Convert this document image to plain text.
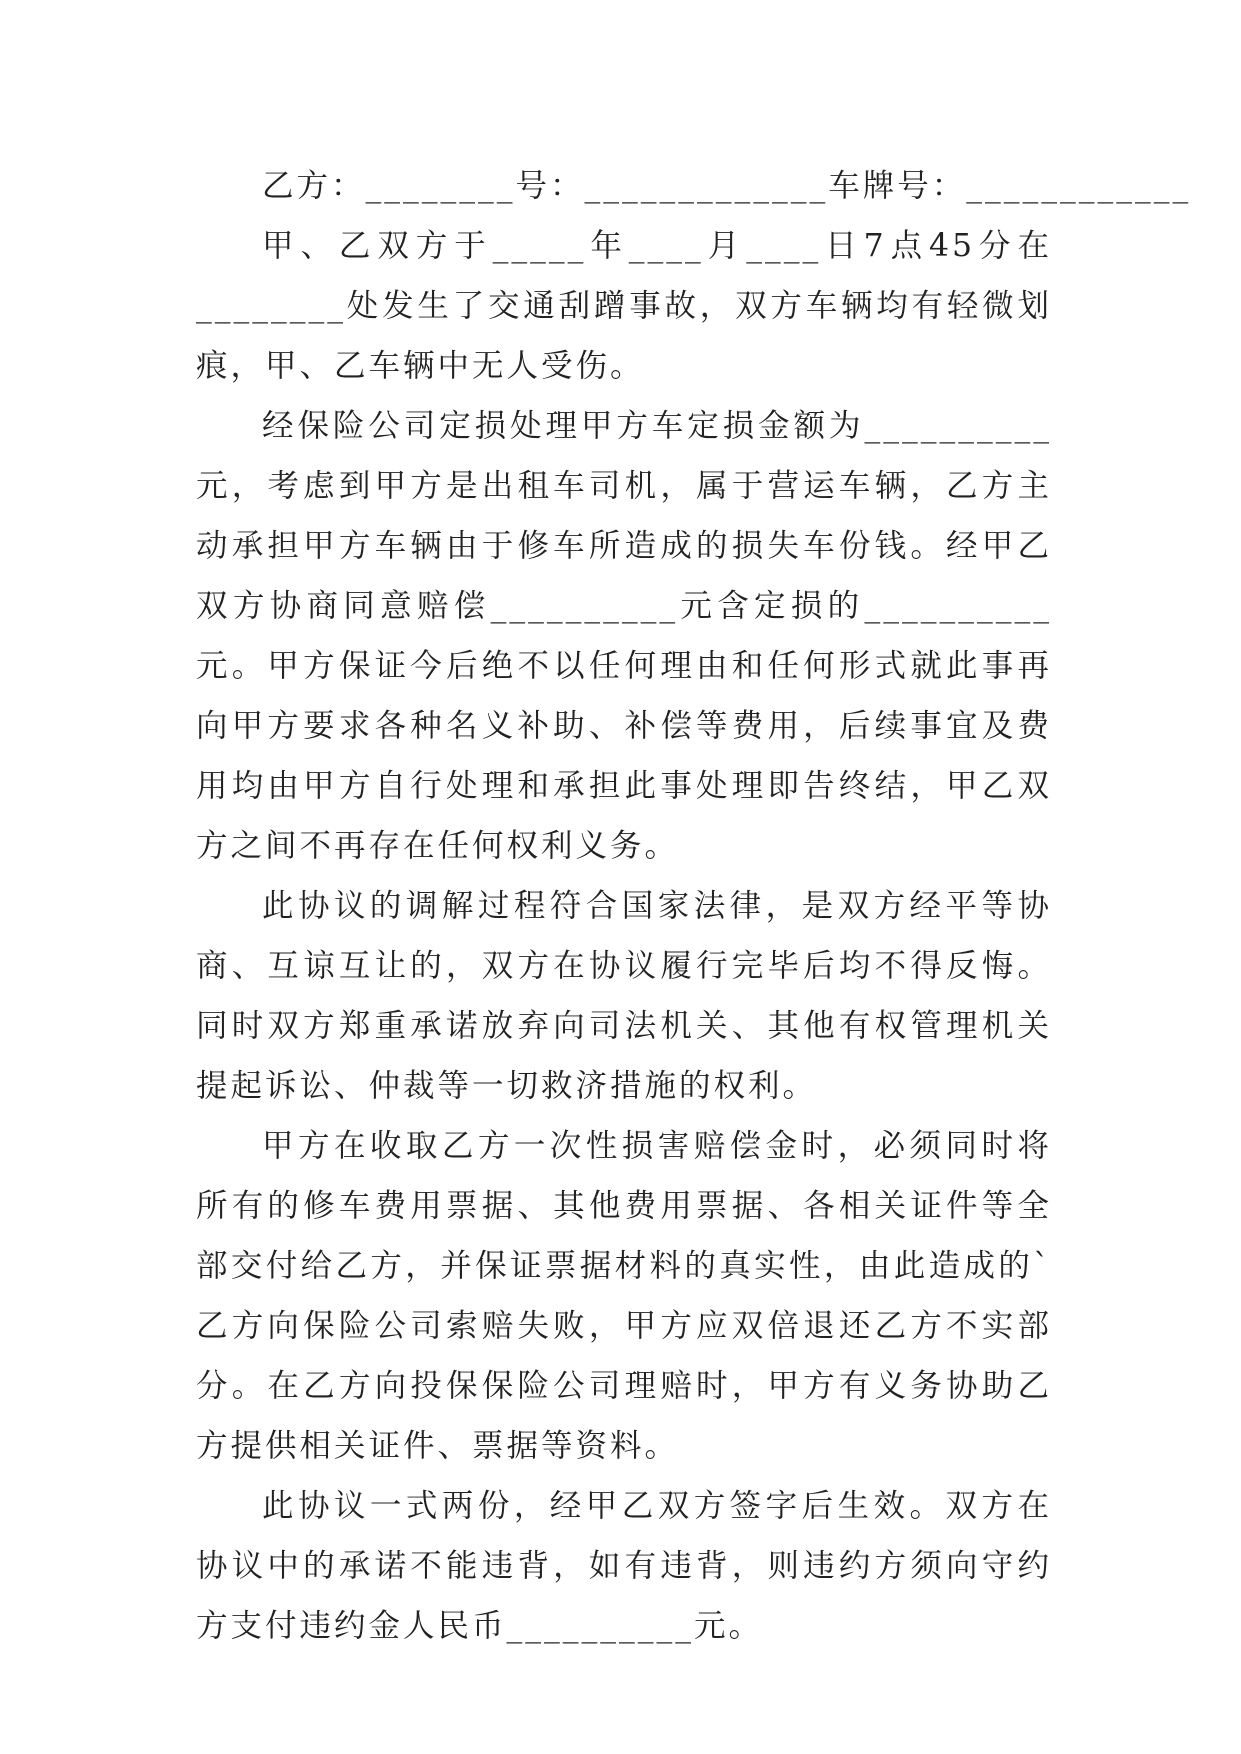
乙方：________号：_____________车牌号：____________

甲、乙双方于_____年____月____日7点45分在________处发生了交通刮蹭事故，双方车辆均有轻微划痕，甲、乙车辆中无人受伤。

经保险公司定损处理甲方车定损金额为__________元，考虑到甲方是出租车司机，属于营运车辆，乙方主动承担甲方车辆由于修车所造成的损失车份钱。经甲乙双方协商同意赔偿__________元含定损的__________元。甲方保证今后绝不以任何理由和任何形式就此事再向甲方要求各种名义补助、补偿等费用，后续事宜及费用均由甲方自行处理和承担此事处理即告终结，甲乙双方之间不再存在任何权利义务。

此协议的调解过程符合国家法律，是双方经平等协商、互谅互让的，双方在协议履行完毕后均不得反悔。同时双方郑重承诺放弃向司法机关、其他有权管理机关提起诉讼、仲裁等一切救济措施的权利。

甲方在收取乙方一次性损害赔偿金时，必须同时将所有的修车费用票据、其他费用票据、各相关证件等全部交付给乙方，并保证票据材料的真实性，由此造成的`乙方向保险公司索赔失败，甲方应双倍退还乙方不实部分。在乙方向投保保险公司理赔时，甲方有义务协助乙方提供相关证件、票据等资料。

此协议一式两份，经甲乙双方签字后生效。双方在协议中的承诺不能违背，如有违背，则违约方须向守约方支付违约金人民币__________元。
